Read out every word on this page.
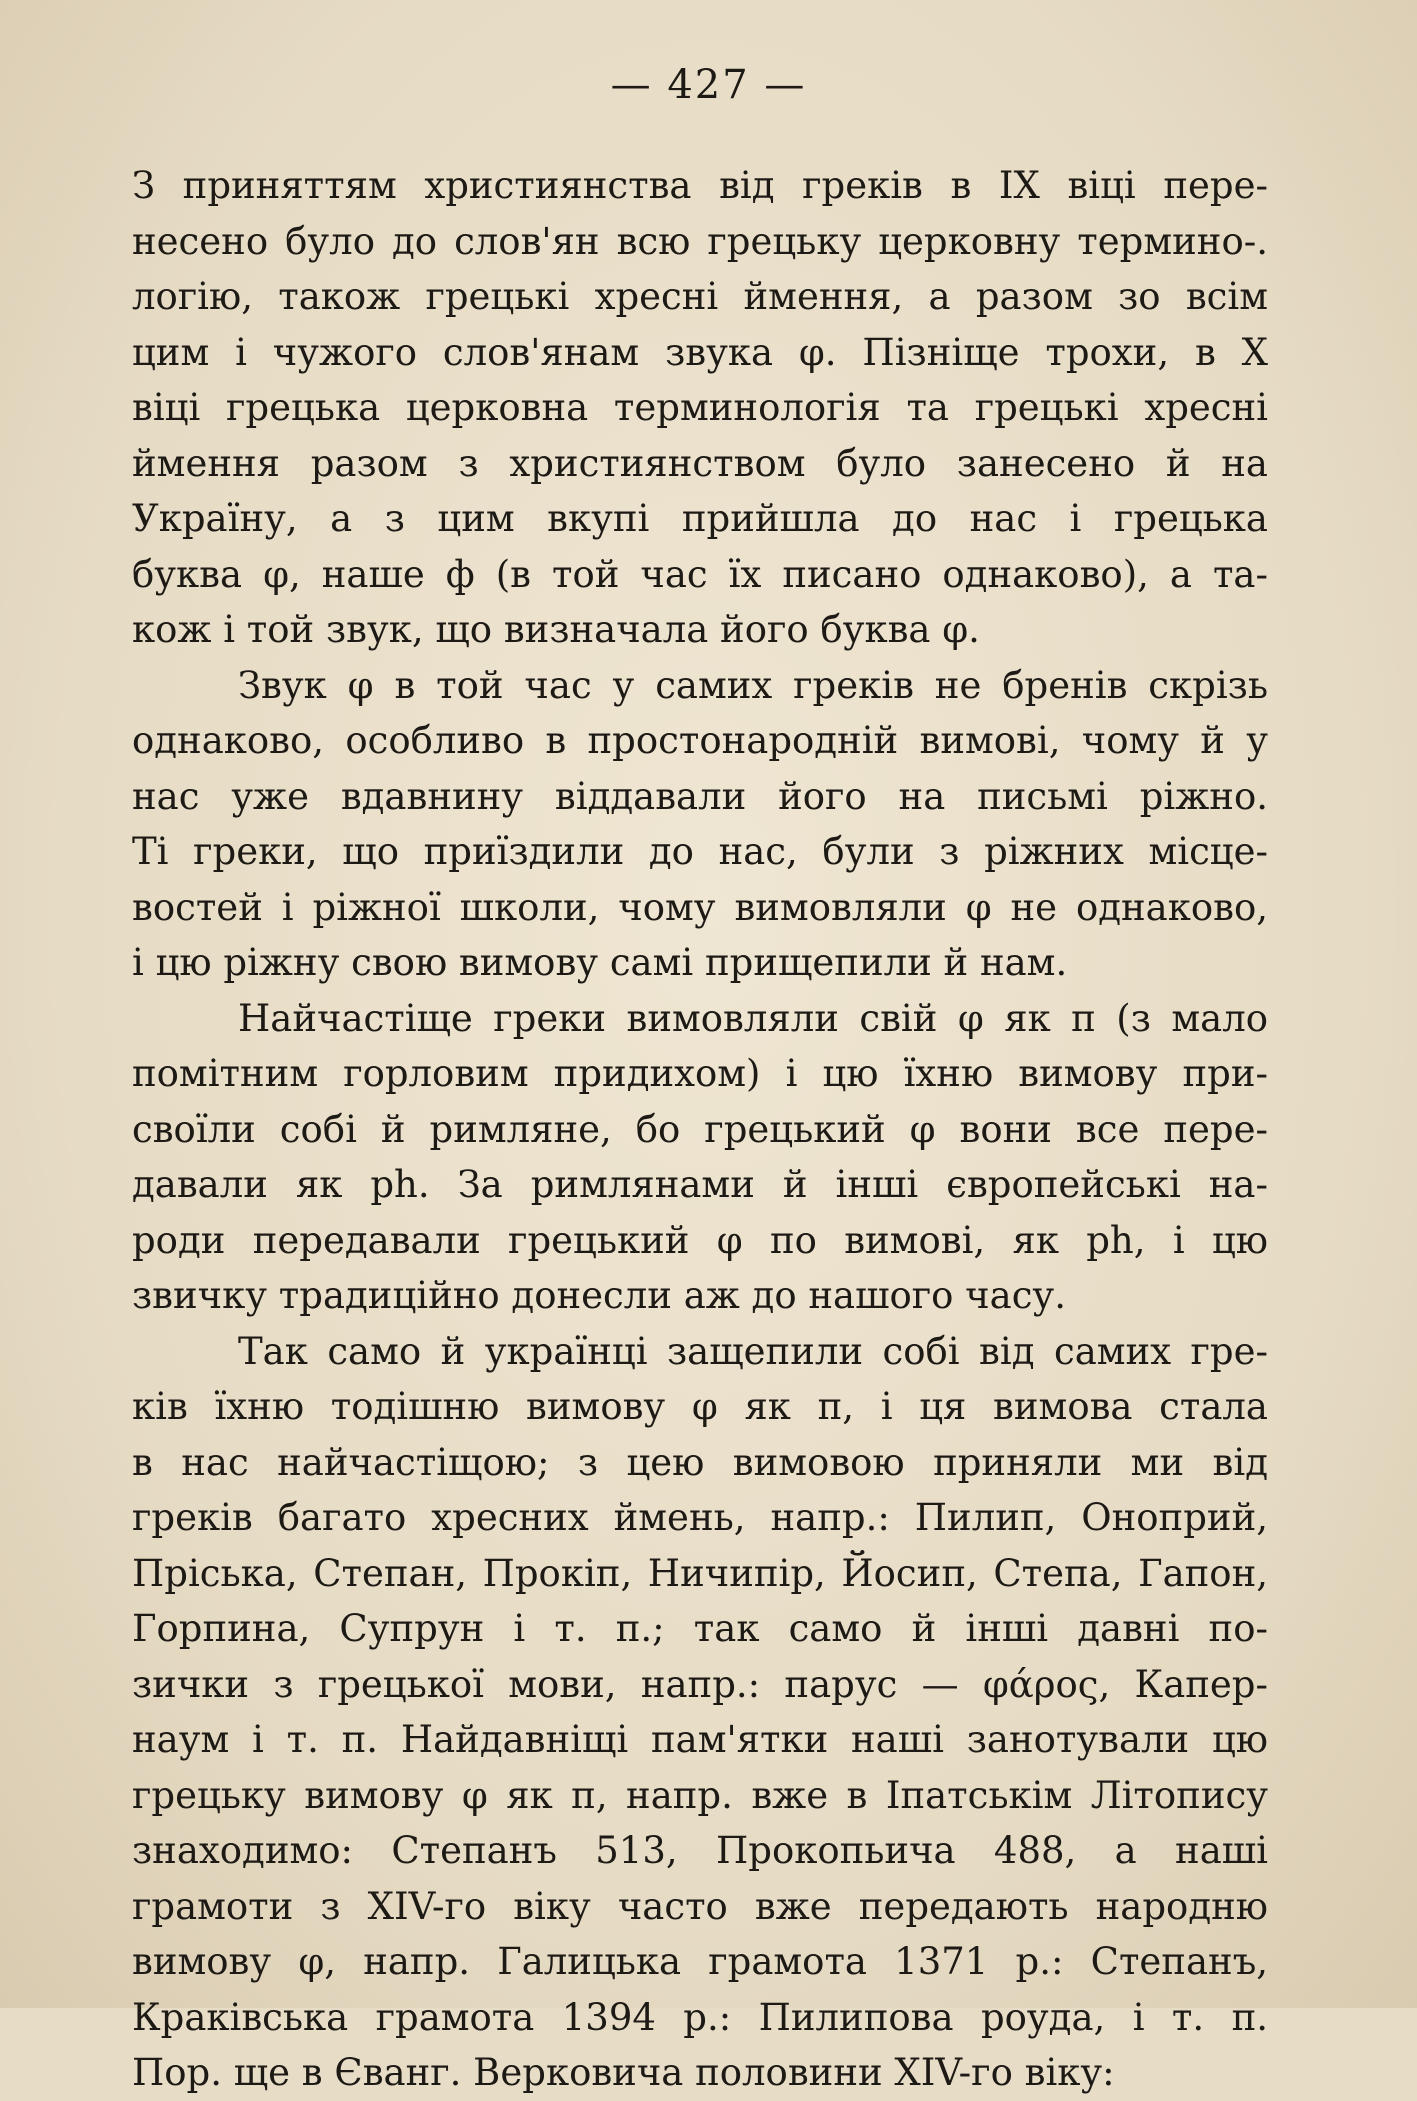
— 427 —
З приняттям християнства від греків в IX віці пере-
несено було до слов'ян всю грецьку церковну термино-.
логію, також грецькі хресні ймення, а разом зо всім
цим і чужого слов'янам звука φ. Пізніще трохи, в X
віці грецька церковна терминологія та грецькі хресні
ймення разом з християнством було занесено й на
Україну, а з цим вкупі прийшла до нас і грецька
буква φ, наше ф (в той час їх писано однаково), а та-
кож і той звук, що визначала його буква φ.
Звук φ в той час у самих греків не бренів скрізь
однаково, особливо в простонародній вимові, чому й у
нас уже вдавнину віддавали його на письмі ріжно.
Ті греки, що приїздили до нас, були з ріжних місце-
востей і ріжної школи, чому вимовляли φ не однаково,
і цю ріжну свою вимову самі прищепили й нам.
Найчастіще греки вимовляли свій φ як п (з мало
помітним горловим придихом) і цю їхню вимову при-
своїли собі й римляне, бо грецький φ вони все пере-
давали як ph. За римлянами й інші європейські на-
роди передавали грецький φ по вимові, як ph, і цю
звичку традиційно донесли аж до нашого часу.
Так само й українці защепили собі від самих гре-
ків їхню тодішню вимову φ як п, і ця вимова стала
в нас найчастіщою; з цею вимовою приняли ми від
греків багато хресних ймень, напр.: Пилип, Оноприй,
Пріська, Степан, Прокіп, Ничипір, Йосип, Степа, Гапон,
Горпина, Супрун і т. п.; так само й інші давні по-
зички з грецької мови, напр.: парус — φάρος, Капер-
наум і т. п. Найдавніщі пам'ятки наші занотували цю
грецьку вимову φ як п, напр. вже в Іпатськім Літопису
знаходимо: Степанъ 513, Прокопьича 488, а наші
грамоти з XIV-го віку часто вже передають народню
вимову φ, напр. Галицька грамота 1371 р.: Степанъ,
Краківська грамота 1394 р.: Пилипова роуда, і т. п.
Пор. ще в Єванг. Верковича половини XIV-го віку:
